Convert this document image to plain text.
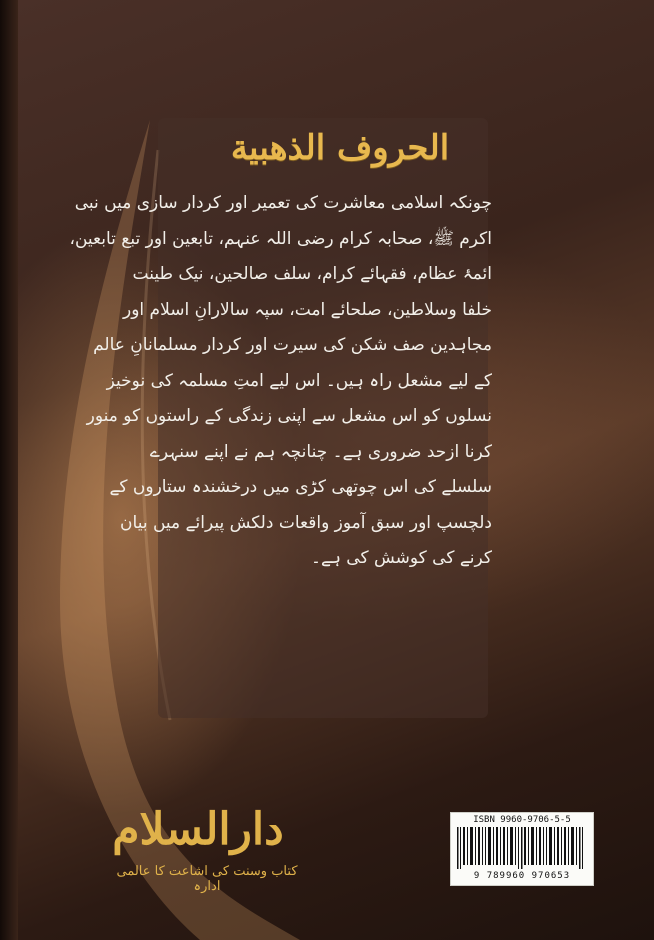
الحروف الذهبية
چونکہ اسلامی معاشرت کی تعمیر اور کردار سازی میں نبی
اکرم ﷺ، صحابہ کرام رضی اللہ عنہم، تابعین اور تبع تابعین،
ائمۂ عظام، فقہائے کرام، سلف صالحین، نیک طینت
خلفا وسلاطین، صلحائے امت، سپہ سالارانِ اسلام اور
مجاہدین صف شکن کی سیرت اور کردار مسلمانانِ عالم
کے لیے مشعل راہ ہیں۔ اس لیے امتِ مسلمہ کی نوخیز
نسلوں کو اس مشعل سے اپنی زندگی کے راستوں کو منور
کرنا ازحد ضروری ہے۔ چنانچہ ہم نے اپنے سنہرے
سلسلے کی اس چوتھی کڑی میں درخشندہ ستاروں کے
دلچسپ اور سبق آموز واقعات دلکش پیرائے میں بیان
کرنے کی کوشش کی ہے۔
دارالسلام
کتاب وسنت کی اشاعت کا عالمی ادارہ
ISBN 9960-9706-5-5
9 789960 970653
